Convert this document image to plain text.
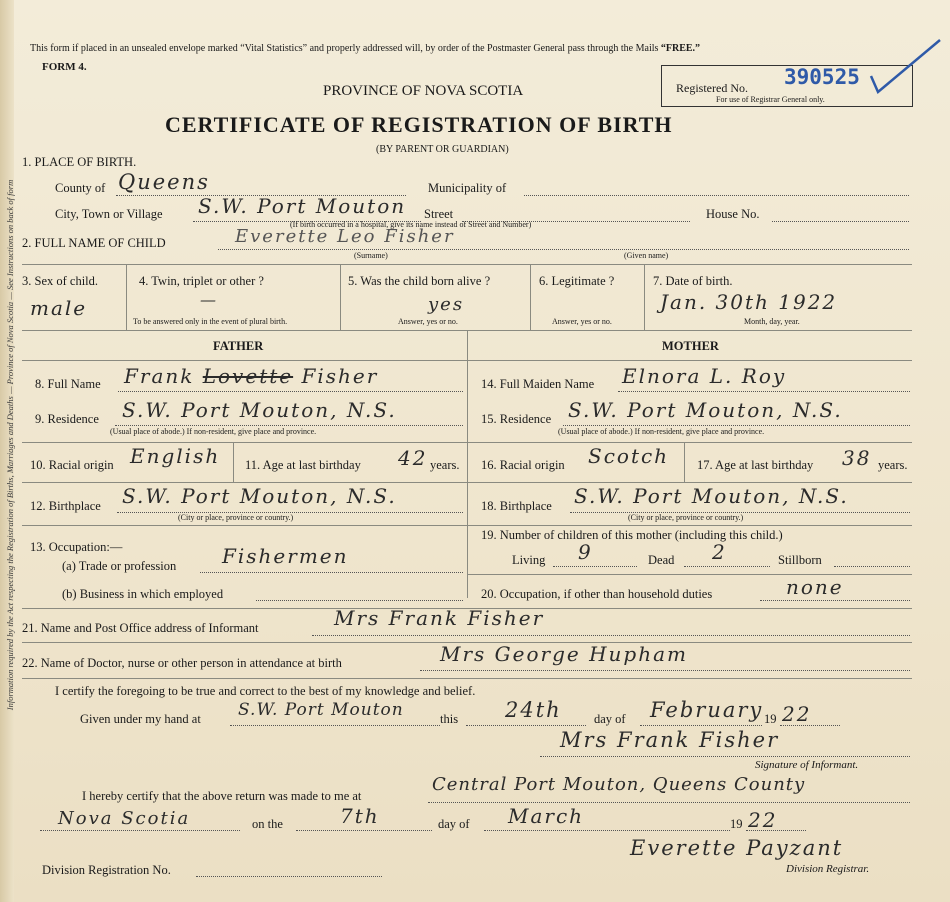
Information required by the Act respecting the Registration of Births, Marriages and Deaths — Province of Nova Scotia — See Instructions on back of form
This form if placed in an unsealed envelope marked “Vital Statistics” and properly addressed will, by order of the Postmaster General pass through the Mails “FREE.”
FORM 4.
PROVINCE OF NOVA SCOTIA
CERTIFICATE OF REGISTRATION OF BIRTH
(BY PARENT OR GUARDIAN)
Registered No. 390525
For use of Registrar General only.
1. PLACE OF BIRTH.
County of Queens	Municipality of
City, Town or Village S.W. Port Mouton Street	House No.
(If birth occurred in a hospital, give its name instead of Street and Number)
2. FULL NAME OF CHILD	Everette Leo Fisher
(Surname)	(Given name)
3. Sex of child.
male
4. Twin, triplet or other ?
—
To be answered only in the event of plural birth.
5. Was the child born alive ?
yes
Answer, yes or no.
6. Legitimate ?
Answer, yes or no.
7. Date of birth.
Jan. 30th 1922
Month, day, year.
FATHER	MOTHER
8. Full Name Frank Lovette Fisher
9. Residence S.W. Port Mouton, N.S.
(Usual place of abode.) If non-resident, give place and province.
10. Racial origin English 11. Age at last birthday 42 years.
12. Birthplace S.W. Port Mouton, N.S.
(City or place, province or country.)
13. Occupation:—
(a) Trade or profession Fishermen
(b) Business in which employed
14. Full Maiden Name Elnora L. Roy
15. Residence S.W. Port Mouton, N.S.
(Usual place of abode.) If non-resident, give place and province.
16. Racial origin Scotch 17. Age at last birthday 38 years.
18. Birthplace S.W. Port Mouton, N.S.
(City or place, province or country.)
19. Number of children of this mother (including this child.)
Living 9	Dead 2	Stillborn
20. Occupation, if other than household duties	none
21. Name and Post Office address of Informant	Mrs Frank Fisher
22. Name of Doctor, nurse or other person in attendance at birth	Mrs George Hupham
I certify the foregoing to be true and correct to the best of my knowledge and belief.
Given under my hand at S.W. Port Mouton	this 24th	day of February 19 22
Mrs Frank Fisher
Signature of Informant.
I hereby certify that the above return was made to me at
Central Port Mouton, Queens County
Nova Scotia	on the	7th	day of March	19 22
Everette Payzant
Division Registrar.
Division Registration No.
